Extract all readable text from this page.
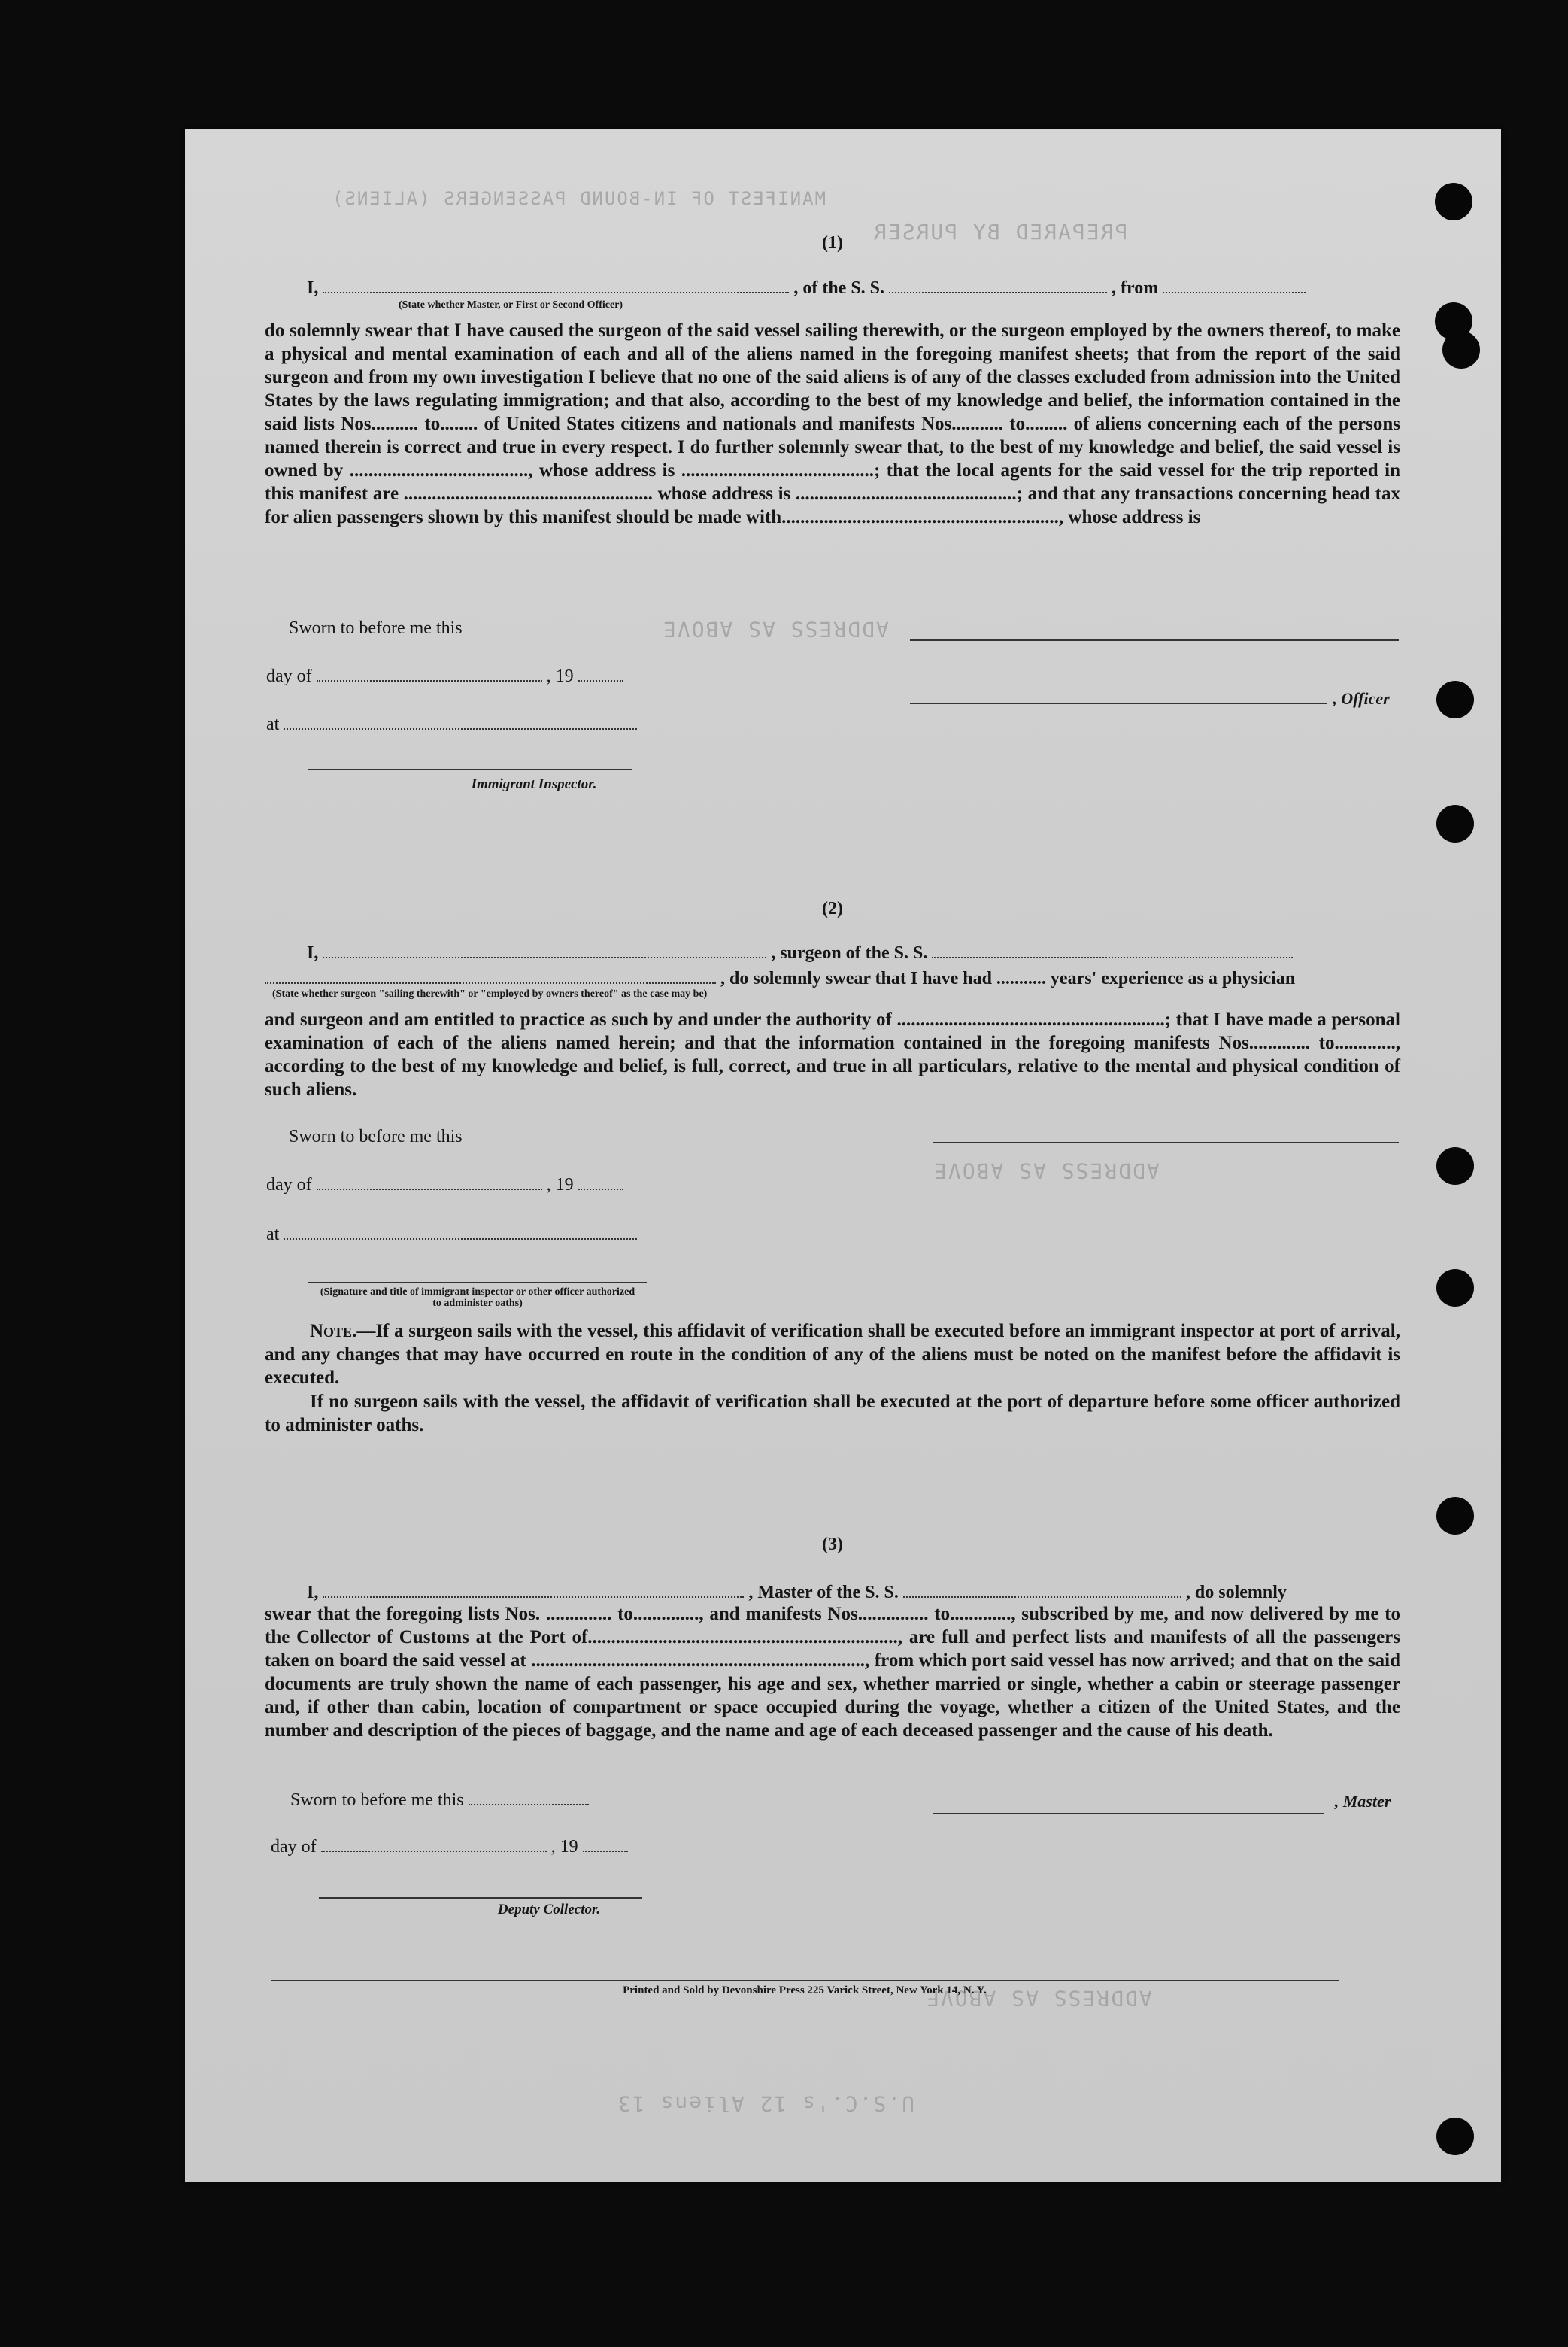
MANIFEST OF IN-BOUND PASSENGERS (ALIENS)
PREPARED BY PURSER
ADDRESS AS ABOVE
ADDRESS AS ABOVE
ADDRESS AS ABOVE
U.S.C.'s 12 Aliens 13
(1)
I,	, of the S. S.	, from
(State whether Master, or First or Second Officer)

do solemnly swear that I have caused the surgeon of the said vessel sailing therewith, or the surgeon employed by the owners thereof, to make a physical and mental examination of each and all of the aliens named in the foregoing manifest sheets; that from the report of the said surgeon and from my own investigation I believe that no one of the said aliens is of any of the classes excluded from admission into the United States by the laws regulating immigration; and that also, according to the best of my knowledge and belief, the information contained in the said lists Nos.......... to........ of United States citizens and nationals and manifests Nos........... to......... of aliens concerning each of the persons named therein is correct and true in every respect. I do further solemnly swear that, to the best of my knowledge and belief, the said vessel is owned by ......................................, whose address is .........................................; that the local agents for the said vessel for the trip reported in this manifest are ..................................................... whose address is ...............................................; and that any transactions concerning head tax for alien passengers shown by this manifest should be made with..........................................................., whose address is

Sworn to before me this
day of	, 19
at
Immigrant Inspector.
, Officer
(2)
I,	, surgeon of the S. S.
, do solemnly swear that I have had ........... years' experience as a physician
(State whether surgeon "sailing therewith" or "employed by owners thereof" as the case may be)

and surgeon and am entitled to practice as such by and under the authority of .........................................................; that I have made a personal examination of each of the aliens named herein; and that the information contained in the foregoing manifests Nos............. to............., according to the best of my knowledge and belief, is full, correct, and true in all particulars, relative to the mental and physical condition of such aliens.

Sworn to before me this
day of	, 19
at
(Signature and title of immigrant inspector or other officer authorized to administer oaths)
Note.—If a surgeon sails with the vessel, this affidavit of verification shall be executed before an immigrant inspector at port of arrival, and any changes that may have occurred en route in the condition of any of the aliens must be noted on the manifest before the affidavit is executed.
If no surgeon sails with the vessel, the affidavit of verification shall be executed at the port of departure before some officer authorized to administer oaths.
(3)
I,	, Master of the S. S.	, do solemnly

swear that the foregoing lists Nos. .............. to.............., and manifests Nos............... to............., subscribed by me, and now delivered by me to the Collector of Customs at the Port of.................................................................., are full and perfect lists and manifests of all the passengers taken on board the said vessel at ......................................................................., from which port said vessel has now arrived; and that on the said documents are truly shown the name of each passenger, his age and sex, whether married or single, whether a cabin or steerage passenger and, if other than cabin, location of compartment or space occupied during the voyage, whether a citizen of the United States, and the number and description of the pieces of baggage, and the name and age of each deceased passenger and the cause of his death.

Sworn to before me this
day of	, 19
Deputy Collector.
, Master
Printed and Sold by Devonshire Press 225 Varick Street, New York 14, N. Y.
